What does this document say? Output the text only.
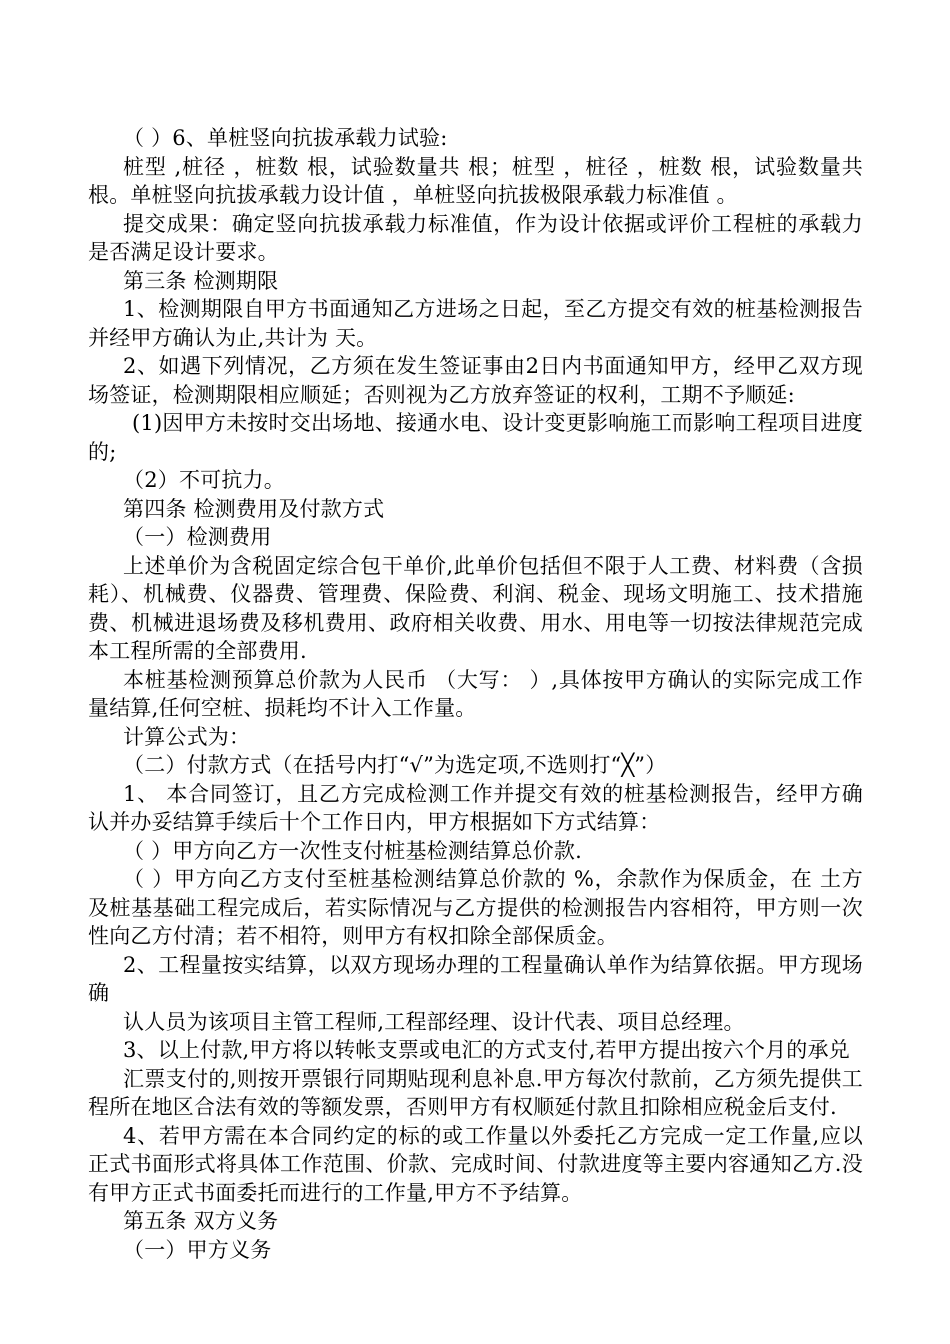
（ ）6、单桩竖向抗拔承载力试验:

桩型 ,桩径 ，桩数 根，试验数量共 根；桩型 ，桩径 ，桩数 根，试验数量共 根。单桩竖向抗拔承载力设计值 ，单桩竖向抗拔极限承载力标准值 。

提交成果：确定竖向抗拔承载力标准值，作为设计依据或评价工程桩的承载力是否满足设计要求。

第三条 检测期限

1、检测期限自甲方书面通知乙方进场之日起，至乙方提交有效的桩基检测报告并经甲方确认为止,共计为 天。

2、如遇下列情况，乙方须在发生签证事由2日内书面通知甲方，经甲乙双方现场签证，检测期限相应顺延；否则视为乙方放弃签证的权利，工期不予顺延:

(1)因甲方未按时交出场地、接通水电、设计变更影响施工而影响工程项目进度的;

（2）不可抗力。

第四条 检测费用及付款方式

（一）检测费用

上述单价为含税固定综合包干单价,此单价包括但不限于人工费、材料费（含损耗）、机械费、仪器费、管理费、保险费、利润、税金、现场文明施工、技术措施费、机械进退场费及移机费用、政府相关收费、用水、用电等一切按法律规范完成本工程所需的全部费用.

本桩基检测预算总价款为人民币 （大写： ）,具体按甲方确认的实际完成工作量结算,任何空桩、损耗均不计入工作量。

计算公式为：

（二）付款方式（在括号内打“√”为选定项,不选则打“╳”）

1、 本合同签订，且乙方完成检测工作并提交有效的桩基检测报告，经甲方确认并办妥结算手续后十个工作日内，甲方根据如下方式结算：

（ ）甲方向乙方一次性支付桩基检测结算总价款.

（ ）甲方向乙方支付至桩基检测结算总价款的 %，余款作为保质金，在 土方及桩基基础工程完成后，若实际情况与乙方提供的检测报告内容相符，甲方则一次性向乙方付清；若不相符，则甲方有权扣除全部保质金。

2、工程量按实结算，以双方现场办理的工程量确认单作为结算依据。甲方现场确

认人员为该项目主管工程师,工程部经理、设计代表、项目总经理。

3、以上付款,甲方将以转帐支票或电汇的方式支付,若甲方提出按六个月的承兑

汇票支付的,则按开票银行同期贴现利息补息.甲方每次付款前，乙方须先提供工程所在地区合法有效的等额发票，否则甲方有权顺延付款且扣除相应税金后支付.

4、若甲方需在本合同约定的标的或工作量以外委托乙方完成一定工作量,应以正式书面形式将具体工作范围、价款、完成时间、付款进度等主要内容通知乙方.没有甲方正式书面委托而进行的工作量,甲方不予结算。

第五条 双方义务

（一）甲方义务
